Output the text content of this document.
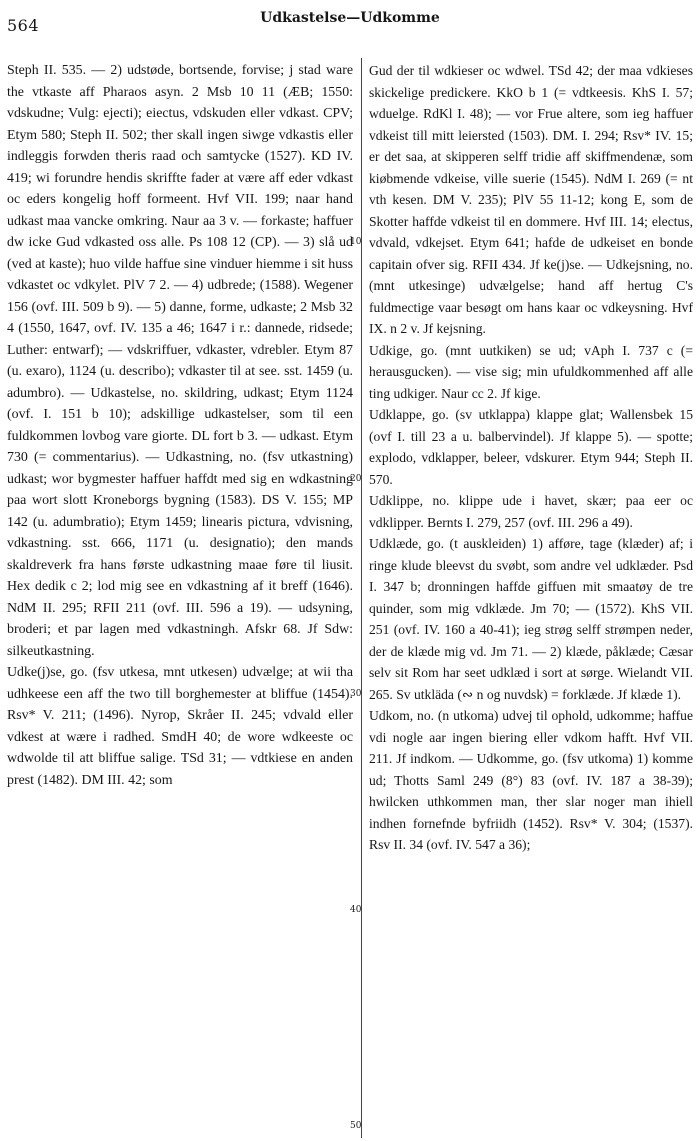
564	Udkastelse—Udkomme

Steph II. 535. — 2) udstøde, bortsende, forvise; j stad ware the vtkaste aff Pharaos asyn. 2 Msb 10 11 (ÆB; 1550: vdskudne; Vulg: ejecti); eiectus, vdskuden eller vdkast. CPV; Etym 580; Steph II. 502; ther skall ingen siwge vdkastis eller indleggis forwden theris raad och samtycke (1527). KD IV. 419; wi forundre hendis skriffte fader at være aff eder vdkast oc eders kongelig hoff formeent. Hvf VII. 199; naar hand udkast maa vancke omkring. Naur aa 3 v. — forkaste; haffuer dw icke Gud vdkasted oss alle. Ps 108 12 (CP). — 3) slå ud (ved at kaste); huo vilde haffue sine vinduer hiemme i sit huss vdkastet oc vdkylet. PlV 7 2. — 4) udbrede; (1588). Wegener 156 (ovf. III. 509 b 9). — 5) danne, forme, udkaste; 2 Msb 32 4 (1550, 1647, ovf. IV. 135 a 46; 1647 i r.: dannede, ridsede; Luther: entwarf); — vdskriffuer, vdkaster, vdrebler. Etym 87 (u. exaro), 1124 (u. describo); vdkaster til at see. sst. 1459 (u. adumbro). — Udkastelse, no. skildring, udkast; Etym 1124 (ovf. I. 151 b 10); adskillige udkastelser, som til een fuldkommen lovbog vare giorte. DL fort b 3. — udkast. Etym 730 (= commentarius). — Udkastning, no. (fsv utkastning) udkast; wor bygmester haffuer haffdt med sig en wdkastning paa wort slott Kroneborgs bygning (1583). DS V. 155; MP 142 (u. adumbratio); Etym 1459; linearis pictura, vdvisning, vdkastning. sst. 666, 1171 (u. designatio); den mands skaldreverk fra hans første udkastning maae føre til liusit. Hex dedik c 2; lod mig see en vdkastning af it breff (1646). NdM II. 295; RFII 211 (ovf. III. 596 a 19). — udsyning, broderi; et par lagen med vdkastningh. Afskr 68. Jf Sdw: silkeutkastning.

Udke(j)se, go. (fsv utkesa, mnt utkesen) udvælge; at wii tha udhkeese een aff the two till borghemester at bliffue (1454). Rsv* V. 211; (1496). Nyrop, Skråer II. 245; vdvald eller vdkest at wære i radhed. SmdH 40; de wore wdkeeste oc wdwolde til att bliffue salige. TSd 31; — vdtkiese en anden prest (1482). DM III. 42; som

10
20
30
40
50

Gud der til wdkieser oc wdwel. TSd 42; der maa vdkieses skickelige predickere. KkO b 1 (= vdtkeesis. KhS I. 57; wduelge. RdKl I. 48); — vor Frue altere, som ieg haffuer vdkeist till mitt leiersted (1503). DM. I. 294; Rsv* IV. 15; er det saa, at skipperen selff tridie aff skiffmendenæ, som kiøbmende vdkeise, ville suerie (1545). NdM I. 269 (= nt vth kesen. DM V. 235); PlV 55 11-12; kong E, som de Skotter haffde vdkeist til en dommere. Hvf III. 14; electus, vdvald, vdkejset. Etym 641; hafde de udkeiset en bonde capitain ofver sig. RFII 434. Jf ke(j)se. — Udkejsning, no. (mnt utkesinge) udvælgelse; hand aff hertug C's fuldmectige vaar besøgt om hans kaar oc vdkeysning. Hvf IX. n 2 v. Jf kejsning.

Udkige, go. (mnt uutkiken) se ud; vAph I. 737 c (= herausgucken). — vise sig; min ufuldkommenhed aff alle ting udkiger. Naur cc 2. Jf kige.

Udklappe, go. (sv utklappa) klappe glat; Wallensbek 15 (ovf I. till 23 a u. balbervindel). Jf klappe 5). — spotte; explodo, vdklapper, beleer, vdskurer. Etym 944; Steph II. 570.

Udklippe, no. klippe ude i havet, skær; paa eer oc vdklipper. Bernts I. 279, 257 (ovf. III. 296 a 49).

Udklæde, go. (t auskleiden) 1) afføre, tage (klæder) af; i ringe klude bleevst du svøbt, som andre vel udklæder. Psd I. 347 b; dronningen haffde giffuen mit smaatøy de tre quinder, som mig vdklæde. Jm 70; — (1572). KhS VII. 251 (ovf. IV. 160 a 40-41); ieg strøg selff strømpen neder, der de klæde mig vd. Jm 71. — 2) klæde, påklæde; Cæsar selv sit Rom har seet udklæd i sort at sørge. Wielandt VII. 265. Sv utkläda (∾ n og nuvdsk) = forklæde. Jf klæde 1).

Udkom, no. (n utkoma) udvej til ophold, udkomme; haffue vdi nogle aar ingen biering eller vdkom hafft. Hvf VII. 211. Jf indkom. — Udkomme, go. (fsv utkoma) 1) komme ud; Thotts Saml 249 (8°) 83 (ovf. IV. 187 a 38-39); hwilcken uthkommen man, ther slar noger man ihiell indhen fornefnde byfriidh (1452). Rsv* V. 304; (1537). Rsv II. 34 (ovf. IV. 547 a 36);
